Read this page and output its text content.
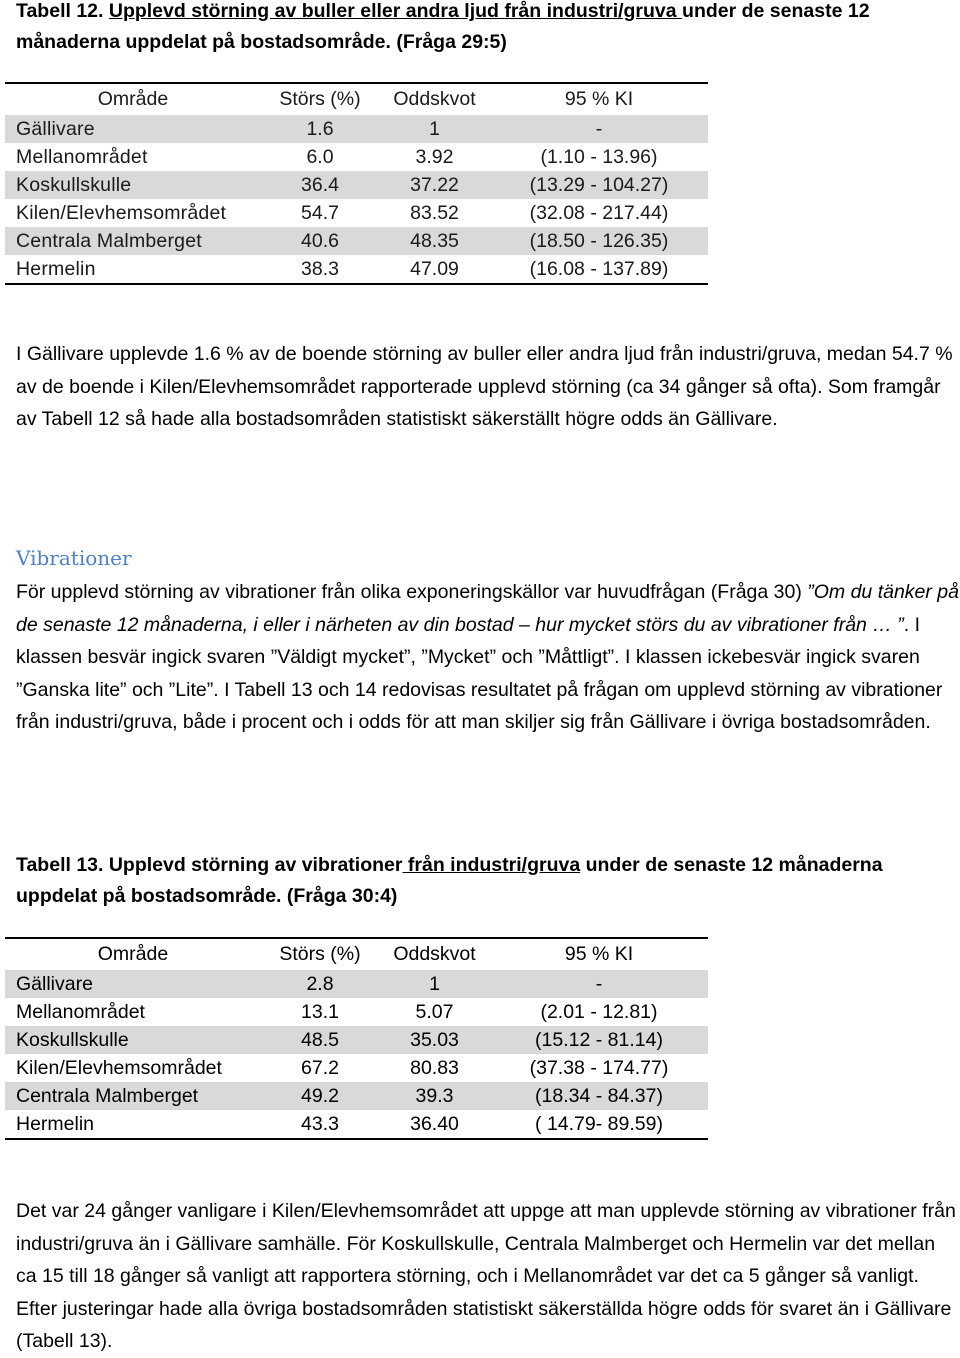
Tabell 12. Upplevd störning av buller eller andra ljud från industri/gruva under de senaste 12 månaderna uppdelat på bostadsområde. (Fråga 29:5)
Område	Störs (%)	Oddskvot	95 % KI
Gällivare	1.6	1	-
Mellanområdet	6.0	3.92	(1.10 - 13.96)
Koskullskulle	36.4	37.22	(13.29 - 104.27)
Kilen/Elevhemsområdet	54.7	83.52	(32.08 - 217.44)
Centrala Malmberget	40.6	48.35	(18.50 - 126.35)
Hermelin	38.3	47.09	(16.08 - 137.89)
I Gällivare upplevde 1.6 % av de boende störning av buller eller andra ljud från industri/gruva, medan 54.7 % av de boende i Kilen/Elevhemsområdet rapporterade upplevd störning (ca 34 gånger så ofta). Som framgår av Tabell 12 så hade alla bostadsområden statistiskt säkerställt högre odds än Gällivare.
Vibrationer
För upplevd störning av vibrationer från olika exponeringskällor var huvudfrågan (Fråga 30) ”Om du tänker på de senaste 12 månaderna, i eller i närheten av din bostad – hur mycket störs du av vibrationer från … ”. I klassen besvär ingick svaren ”Väldigt mycket”, ”Mycket” och ”Måttligt”. I klassen ickebesvär ingick svaren ”Ganska lite” och ”Lite”. I Tabell 13 och 14 redovisas resultatet på frågan om upplevd störning av vibrationer från industri/gruva, både i procent och i odds för att man skiljer sig från Gällivare i övriga bostadsområden.
Tabell 13. Upplevd störning av vibrationer från industri/gruva under de senaste 12 månaderna uppdelat på bostadsområde. (Fråga 30:4)
Område	Störs (%)	Oddskvot	95 % KI
Gällivare	2.8	1	-
Mellanområdet	13.1	5.07	(2.01 - 12.81)
Koskullskulle	48.5	35.03	(15.12 - 81.14)
Kilen/Elevhemsområdet	67.2	80.83	(37.38 - 174.77)
Centrala Malmberget	49.2	39.3	(18.34 - 84.37)
Hermelin	43.3	36.40	( 14.79- 89.59)
Det var 24 gånger vanligare i Kilen/Elevhemsområdet att uppge att man upplevde störning av vibrationer från industri/gruva än i Gällivare samhälle. För Koskullskulle, Centrala Malmberget och Hermelin var det mellan ca 15 till 18 gånger så vanligt att rapportera störning, och i Mellanområdet var det ca 5 gånger så vanligt. Efter justeringar hade alla övriga bostadsområden statistiskt säkerställda högre odds för svaret än i Gällivare (Tabell 13).
